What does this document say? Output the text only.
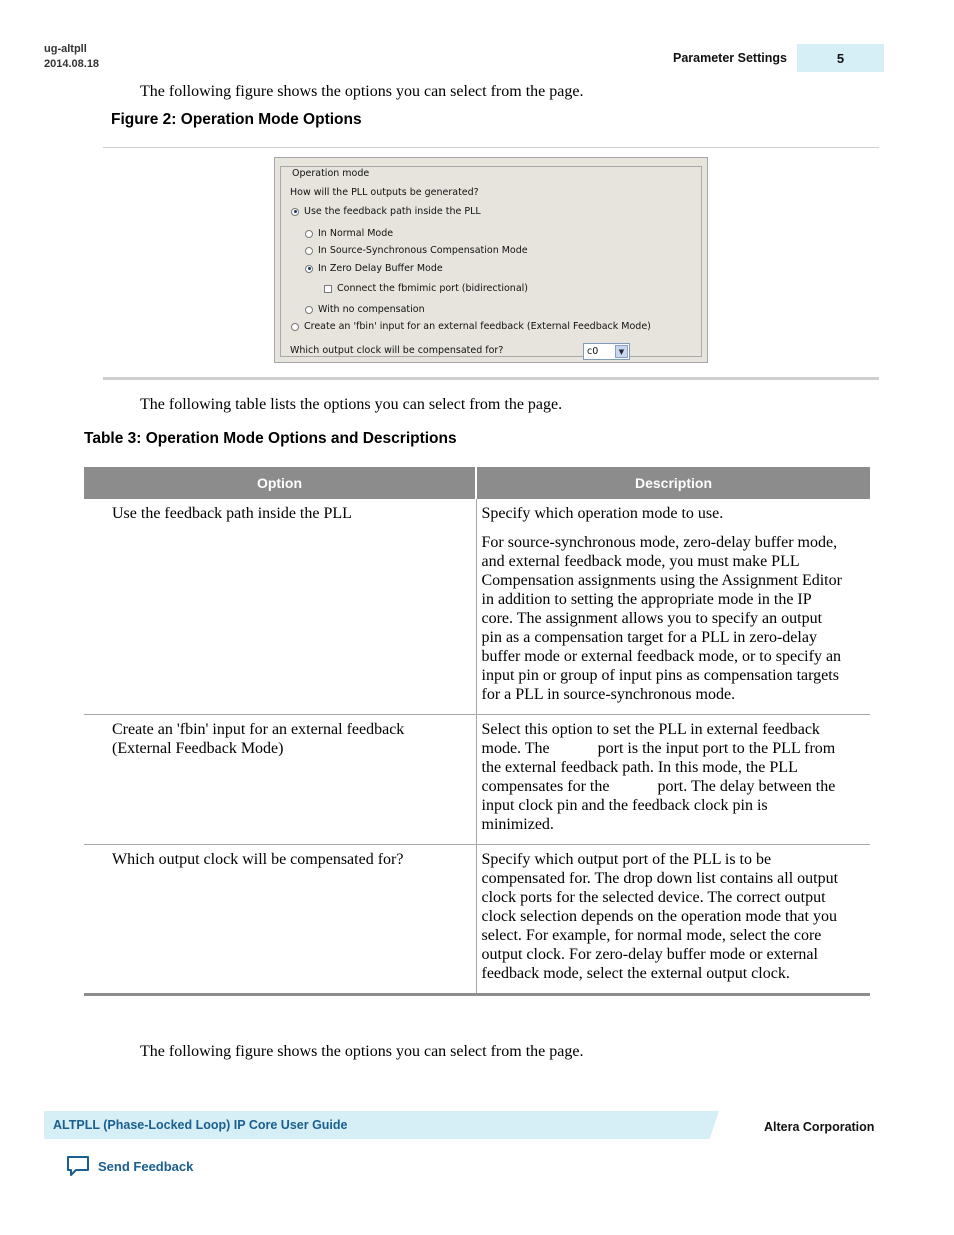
ug-altpll
2014.08.18	Parameter Settings	5
The following figure shows the options you can select from the page.
Figure 2: Operation Mode Options
Operation mode
How will the PLL outputs be generated?
Use the feedback path inside the PLL
In Normal Mode
In Source-Synchronous Compensation Mode
In Zero Delay Buffer Mode
Connect the fbmimic port (bidirectional)
With no compensation
Create an 'fbin' input for an external feedback (External Feedback Mode)
Which output clock will be compensated for?	c0	▼
The following table lists the options you can select from the page.
Table 3: Operation Mode Options and Descriptions
Option	Description
Use the feedback path inside the PLL	Specify which operation mode to use.

For source-synchronous mode, zero-delay buffer mode, and external feedback mode, you must make PLL Compensation assignments using the Assignment Editor in addition to setting the appropriate mode in the IP core. The assignment allows you to specify an output pin as a compensation target for a PLL in zero-delay buffer mode or external feedback mode, or to specify an input pin or group of input pins as compensation targets for a PLL in source-synchronous mode.

Create an 'fbin' input for an external feedback (External Feedback Mode)	Select this option to set the PLL in external feedback mode. The            port is the input port to the PLL from the external feedback path. In this mode, the PLL compensates for the            port. The delay between the input clock pin and the feedback clock pin is minimized.

Which output clock will be compensated for?	Specify which output port of the PLL is to be compensated for. The drop down list contains all output clock ports for the selected device. The correct output clock selection depends on the operation mode that you select. For example, for normal mode, select the core output clock. For zero-delay buffer mode or external feedback mode, select the external output clock.

The following figure shows the options you can select from the page.
ALTPLL (Phase-Locked Loop) IP Core User Guide	Altera Corporation
Send Feedback
